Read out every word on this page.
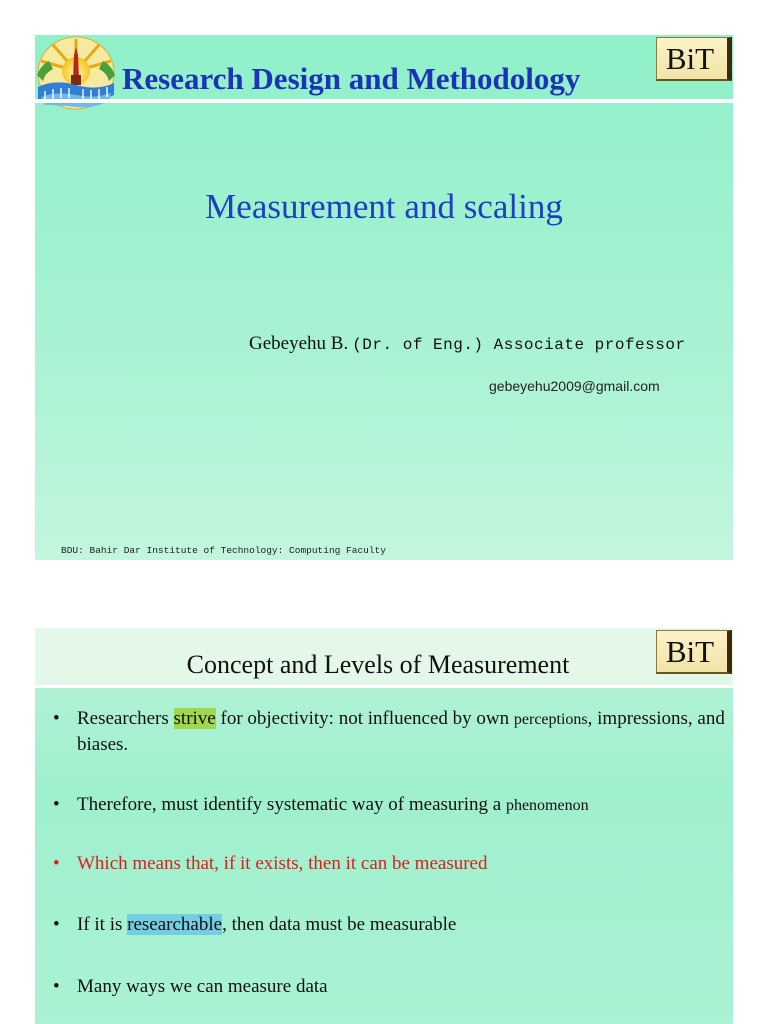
Research Design and Methodology
BiT
Measurement and scaling
Gebeyehu B. (Dr. of Eng.) Associate professor
gebeyehu2009@gmail.com
BDU: Bahir Dar Institute of Technology: Computing Faculty
Concept and Levels of Measurement	BiT
• Researchers strive for objectivity: not influenced by own perceptions, impressions, and biases.
• Therefore, must identify systematic way of measuring a phenomenon
• Which means that, if it exists, then it can be measured
• If it is researchable, then data must be measurable
• Many ways we can measure data
